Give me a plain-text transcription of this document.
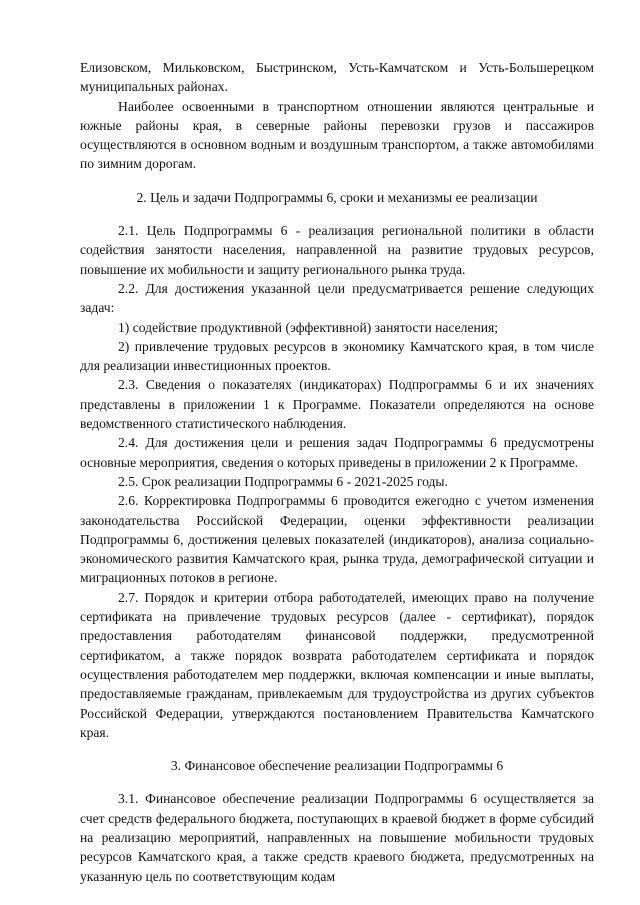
Елизовском, Мильковском, Быстринском, Усть-Камчатском и Усть-Большерецком муниципальных районах.

Наиболее освоенными в транспортном отношении являются центральные и южные районы края, в северные районы перевозки грузов и пассажиров осуществляются в основном водным и воздушным транспортом, а также автомобилями по зимним дорогам.

2. Цель и задачи Подпрограммы 6, сроки и механизмы ее реализации

2.1. Цель Подпрограммы 6 - реализация региональной политики в области содействия занятости населения, направленной на развитие трудовых ресурсов, повышение их мобильности и защиту регионального рынка труда.

2.2. Для достижения указанной цели предусматривается решение следующих задач:

1) содействие продуктивной (эффективной) занятости населения;

2) привлечение трудовых ресурсов в экономику Камчатского края, в том числе для реализации инвестиционных проектов.

2.3. Сведения о показателях (индикаторах) Подпрограммы 6 и их значениях представлены в приложении 1 к Программе. Показатели определяются на основе ведомственного статистического наблюдения.

2.4. Для достижения цели и решения задач Подпрограммы 6 предусмотрены основные мероприятия, сведения о которых приведены в приложении 2 к Программе.

2.5. Срок реализации Подпрограммы 6 - 2021-2025 годы.

2.6. Корректировка Подпрограммы 6 проводится ежегодно с учетом изменения законодательства Российской Федерации, оценки эффективности реализации Подпрограммы 6, достижения целевых показателей (индикаторов), анализа социально-экономического развития Камчатского края, рынка труда, демографической ситуации и миграционных потоков в регионе.

2.7. Порядок и критерии отбора работодателей, имеющих право на получение сертификата на привлечение трудовых ресурсов (далее - сертификат), порядок предоставления работодателям финансовой поддержки, предусмотренной сертификатом, а также порядок возврата работодателем сертификата и порядок осуществления работодателем мер поддержки, включая компенсации и иные выплаты, предоставляемые гражданам, привлекаемым для трудоустройства из других субъектов Российской Федерации, утверждаются постановлением Правительства Камчатского края.

3. Финансовое обеспечение реализации Подпрограммы 6

3.1. Финансовое обеспечение реализации Подпрограммы 6 осуществляется за счет средств федерального бюджета, поступающих в краевой бюджет в форме субсидий на реализацию мероприятий, направленных на повышение мобильности трудовых ресурсов Камчатского края, а также средств краевого бюджета, предусмотренных на указанную цель по соответствующим кодам
